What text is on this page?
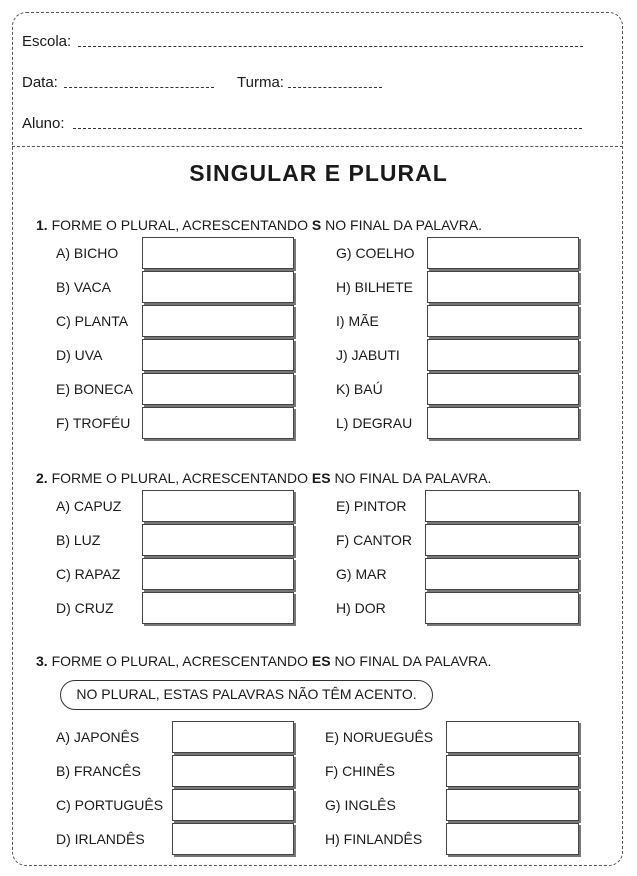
Escola:
Data:	Turma:
Aluno:
SINGULAR E PLURAL
1. FORME O PLURAL, ACRESCENTANDO S NO FINAL DA PALAVRA.
A) BICHO
B) VACA
C) PLANTA
D) UVA
E) BONECA
F) TROFÉU
G) COELHO
H) BILHETE
I) MÃE
J) JABUTI
K) BAÚ
L) DEGRAU
2. FORME O PLURAL, ACRESCENTANDO ES NO FINAL DA PALAVRA.
A) CAPUZ
B) LUZ
C) RAPAZ
D) CRUZ
E) PINTOR
F) CANTOR
G) MAR
H) DOR
3. FORME O PLURAL, ACRESCENTANDO ES NO FINAL DA PALAVRA.
NO PLURAL, ESTAS PALAVRAS NÃO TÊM ACENTO.
A) JAPONÊS
B) FRANCÊS
C) PORTUGUÊS
D) IRLANDÊS
E) NORUEGUÊS
F) CHINÊS
G) INGLÊS
H) FINLANDÊS
